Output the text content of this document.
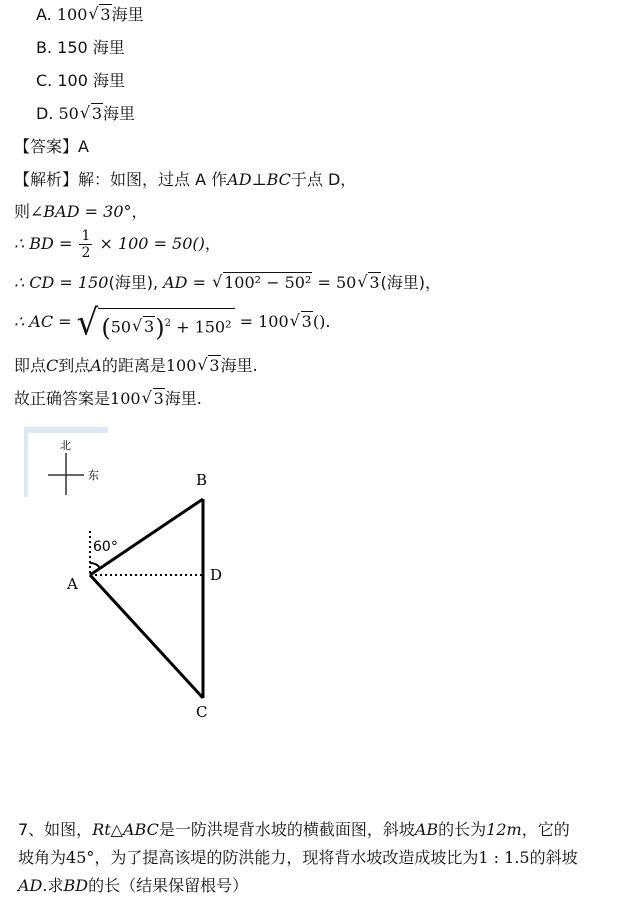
A. 100 √ 3海里
B. 150 海里
C. 100 海里
D. 50 √ 3海里
【答案】A
【解析】解：如图，过点 A 作AD⊥BC于点 D，
则∠BAD = 30°，
∴ BD = $\frac{1}{2} \times 100 = 50()$，
∴ CD = 150(海里), AD = √ 100² − 50² = 50 √ 3(海里)，
∴ AC = √ (50 √ 3)$^2$ + 150² = 100 √ 3().
即点C到点A的距离是100 √ 3海里.
故正确答案是100 √ 3海里.
北
东
60°
A
B
C
D
7、如图，Rt△ABC是一防洪堤背水坡的横截面图，斜坡AB的长为12m，它的
坡角为45°，为了提高该堤的防洪能力，现将背水坡改造成坡比为1 : 1.5的斜坡
AD.求BD的长（结果保留根号）
